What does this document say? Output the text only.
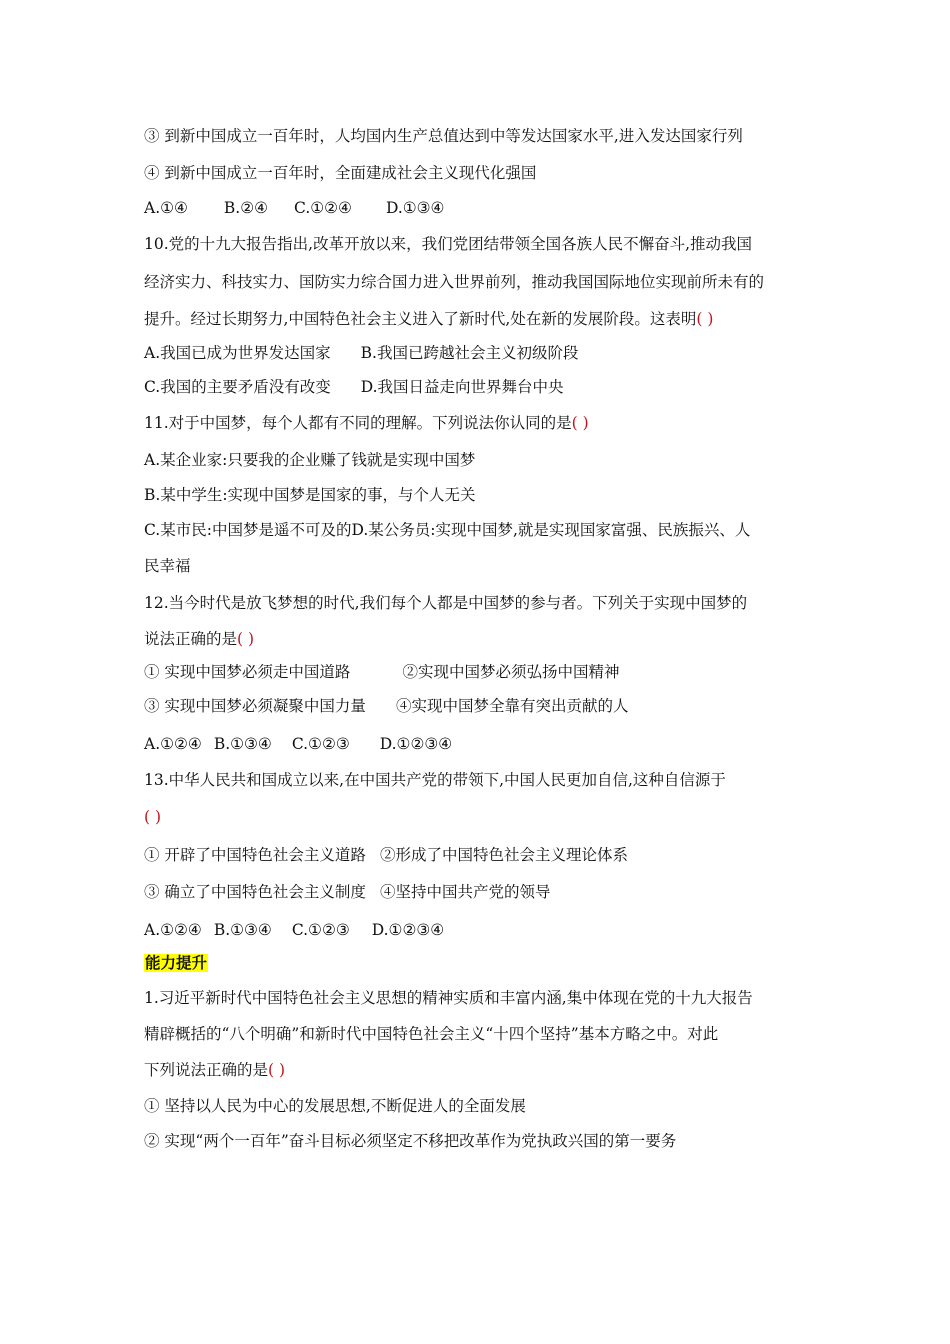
③ 到新中国成立一百年时，人均国内生产总值达到中等发达国家水平,进入发达国家行列
④ 到新中国成立一百年时，全面建成社会主义现代化强国
A.①④ B.②④ C.①②④ D.①③④
10.党的十九大报告指出,改革开放以来，我们党团结带领全国各族人民不懈奋斗,推动我国
经济实力、科技实力、国防实力综合国力进入世界前列，推动我国国际地位实现前所未有的
提升。经过长期努力,中国特色社会主义进入了新时代,处在新的发展阶段。这表明( )
A.我国已成为世界发达国家 B.我国已跨越社会主义初级阶段
C.我国的主要矛盾没有改变 D.我国日益走向世界舞台中央
11.对于中国梦，每个人都有不同的理解。下列说法你认同的是( )
A.某企业家:只要我的企业赚了钱就是实现中国梦
B.某中学生:实现中国梦是国家的事，与个人无关
C.某市民:中国梦是遥不可及的D.某公务员:实现中国梦,就是实现国家富强、民族振兴、人
民幸福
12.当今时代是放飞梦想的时代,我们每个人都是中国梦的参与者。下列关于实现中国梦的
说法正确的是( )
① 实现中国梦必须走中国道路	②实现中国梦必须弘扬中国精神
③ 实现中国梦必须凝聚中国力量 ④实现中国梦全靠有突出贡献的人
A.①②④ B.①③④ C.①②③ D.①②③④
13.中华人民共和国成立以来,在中国共产党的带领下,中国人民更加自信,这种自信源于
( )
① 开辟了中国特色社会主义道路 ②形成了中国特色社会主义理论体系
③ 确立了中国特色社会主义制度 ④坚持中国共产党的领导
A.①②④ B.①③④ C.①②③ D.①②③④
能力提升
1.习近平新时代中国特色社会主义思想的精神实质和丰富内涵,集中体现在党的十九大报告
精辟概括的“八个明确”和新时代中国特色社会主义“十四个坚持”基本方略之中。对此
下列说法正确的是( )
① 坚持以人民为中心的发展思想,不断促进人的全面发展
② 实现“两个一百年”奋斗目标必须坚定不移把改革作为党执政兴国的第一要务
